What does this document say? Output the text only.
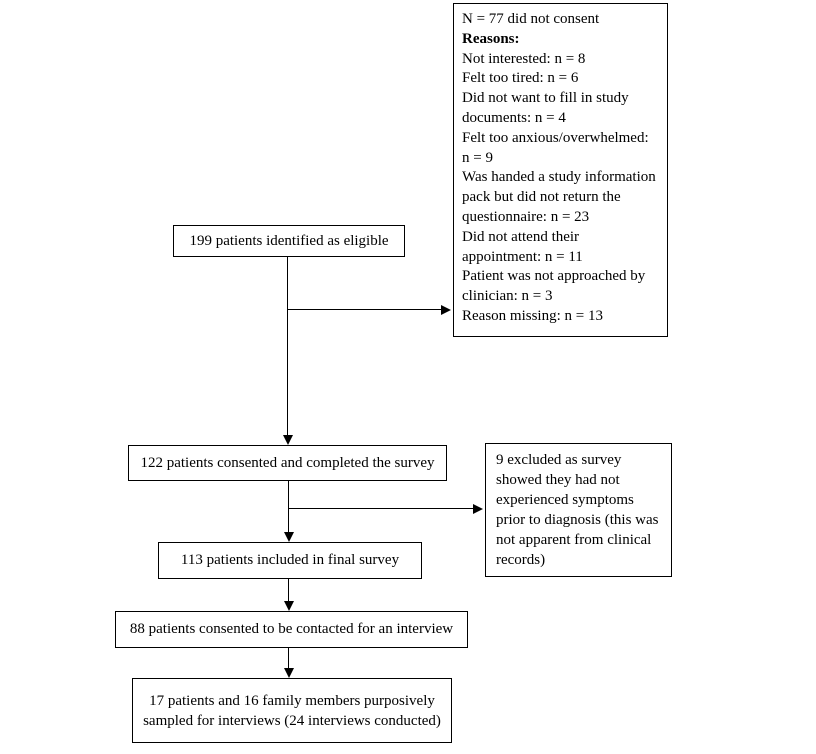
199 patients identified as eligible

N = 77 did not consent

Reasons:

Not interested: n = 8

Felt too tired: n = 6

Did not want to fill in study documents: n = 4

Felt too anxious/overwhelmed: n = 9

Was handed a study information pack but did not return the questionnaire: n = 23

Did not attend their appointment: n = 11

Patient was not approached by clinician: n = 3

Reason missing: n = 13

122 patients consented and completed the survey	9 excluded as survey showed they had not experienced symptoms prior to diagnosis (this was not apparent from clinical records)
113 patients included in final survey
88 patients consented to be contacted for an interview
17 patients and 16 family members purposively sampled for interviews (24 interviews conducted)
